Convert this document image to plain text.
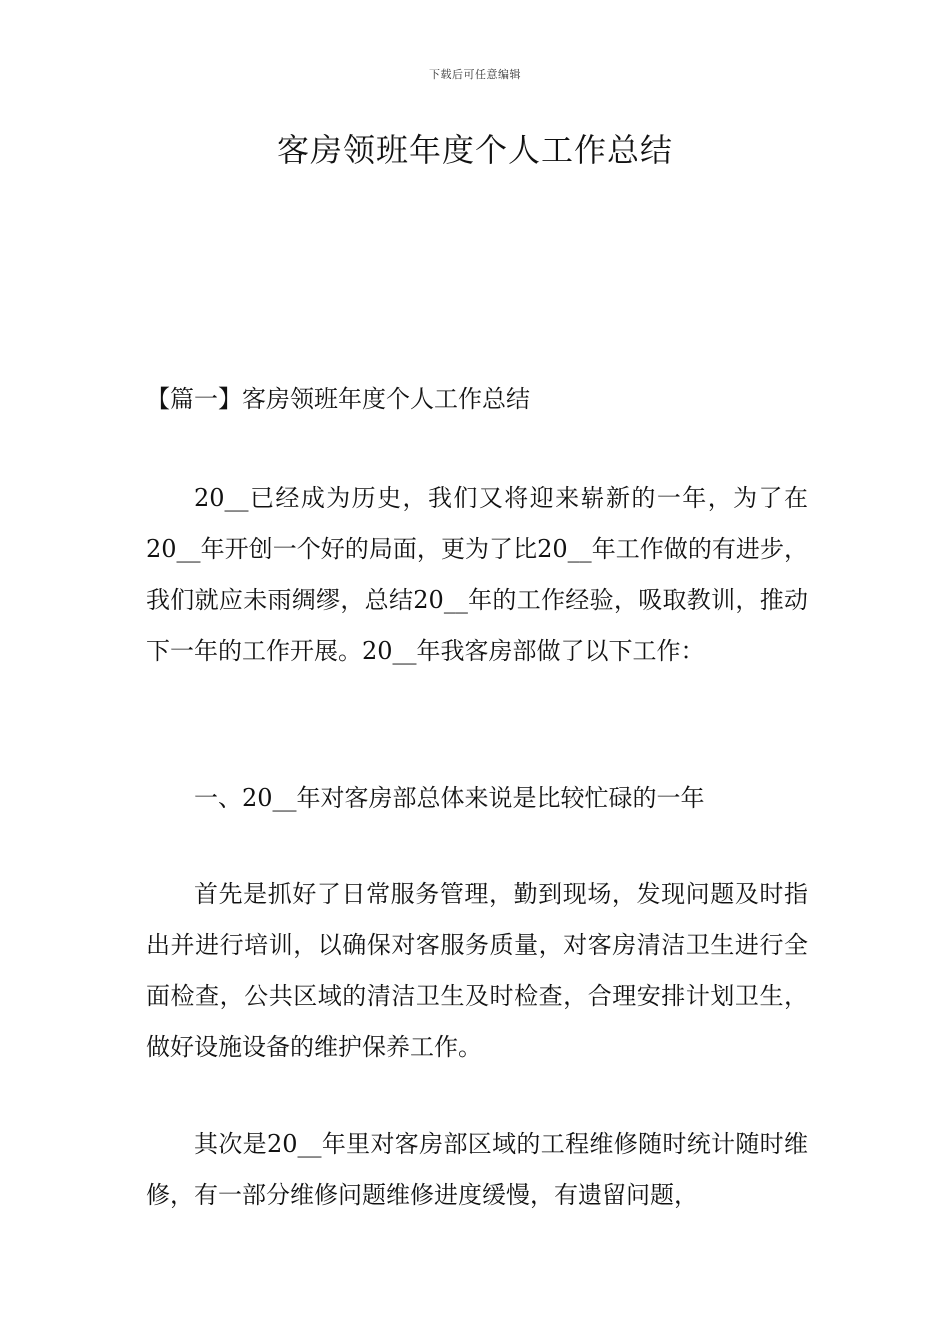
下载后可任意编辑
客房领班年度个人工作总结
【篇一】客房领班年度个人工作总结

20__已经成为历史，我们又将迎来崭新的一年，为了在20__年开创一个好的局面，更为了比20__年工作做的有进步，我们就应未雨绸缪，总结20__年的工作经验，吸取教训，推动下一年的工作开展。20__年我客房部做了以下工作：

一、20__年对客房部总体来说是比较忙碌的一年

首先是抓好了日常服务管理，勤到现场，发现问题及时指出并进行培训，以确保对客服务质量，对客房清洁卫生进行全面检查，公共区域的清洁卫生及时检查，合理安排计划卫生，做好设施设备的维护保养工作。

其次是20__年里对客房部区域的工程维修随时统计随时维修，有一部分维修问题维修进度缓慢，有遗留问题，
